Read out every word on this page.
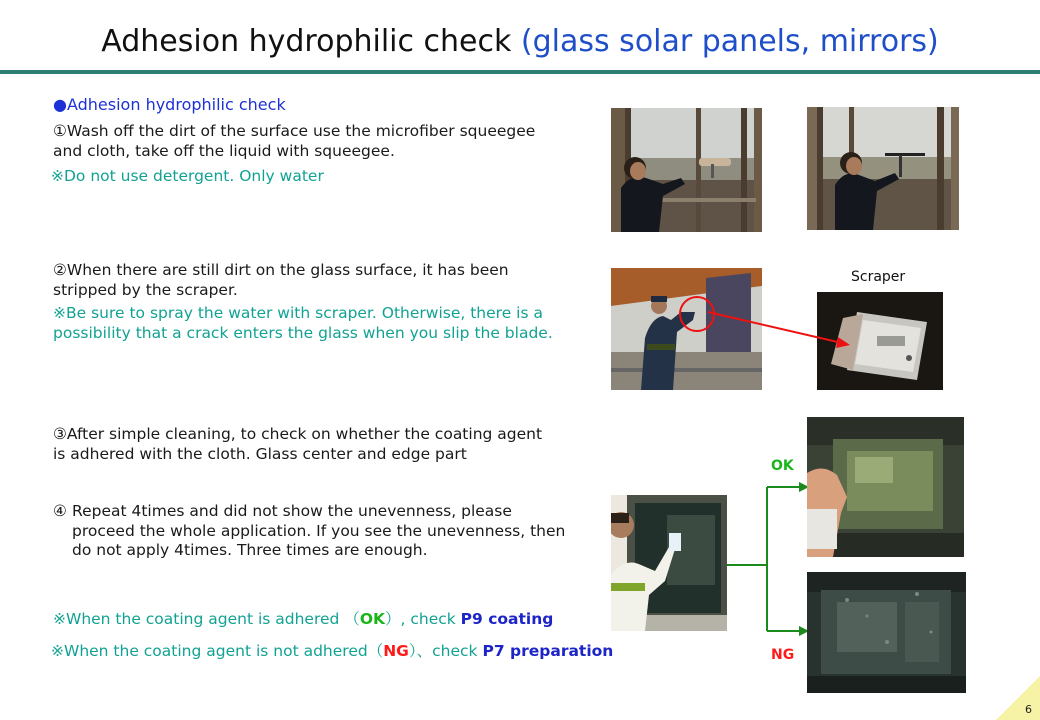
Adhesion hydrophilic check (glass solar panels, mirrors)
●Adhesion hydrophilic check
①Wash off the dirt of the surface use the microfiber squeegee
and cloth, take off the liquid with squeegee.
※Do not use detergent. Only water
②When there are still dirt on the glass surface, it has been
stripped by the scraper.
※Be sure to spray the water with scraper. Otherwise, there is a
possibility that a crack enters the glass when you slip the blade.
③After simple cleaning, to check on whether the coating agent
is adhered with the cloth. Glass center and edge part
④ Repeat 4times and did not show the unevenness, please
proceed the whole application. If you see the unevenness, then
do not apply 4times. Three times are enough.
※When the coating agent is adhered （OK）, check P9 coating
※When the coating agent is not adhered（NG）、check P7 preparation
Scraper
OK
NG
6
